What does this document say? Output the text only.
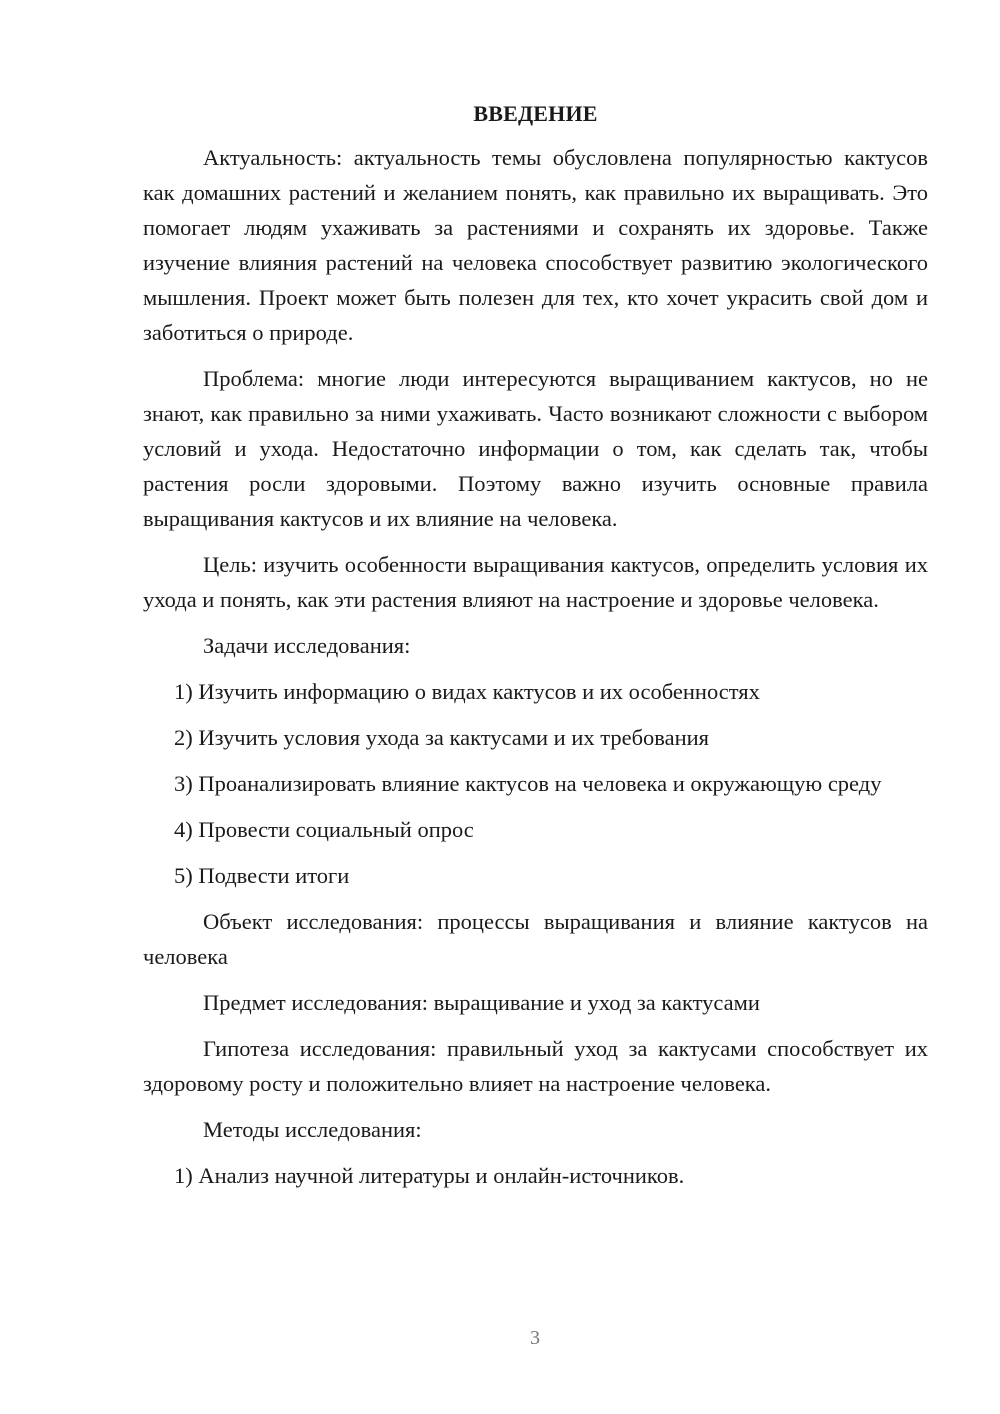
ВВЕДЕНИЕ

Актуальность: актуальность темы обусловлена популярностью кактусов как домашних растений и желанием понять, как правильно их выращивать. Это помогает людям ухаживать за растениями и сохранять их здоровье. Также изучение влияния растений на человека способствует развитию экологического мышления. Проект может быть полезен для тех, кто хочет украсить свой дом и заботиться о природе.

Проблема: многие люди интересуются выращиванием кактусов, но не знают, как правильно за ними ухаживать. Часто возникают сложности с выбором условий и ухода. Недостаточно информации о том, как сделать так, чтобы растения росли здоровыми. Поэтому важно изучить основные правила выращивания кактусов и их влияние на человека.

Цель: изучить особенности выращивания кактусов, определить условия их ухода и понять, как эти растения влияют на настроение и здоровье человека.

Задачи исследования:

1) Изучить информацию о видах кактусов и их особенностях

2) Изучить условия ухода за кактусами и их требования

3) Проанализировать влияние кактусов на человека и окружающую среду

4) Провести социальный опрос

5) Подвести итоги

Объект исследования: процессы выращивания и влияние кактусов на человека

Предмет исследования: выращивание и уход за кактусами

Гипотеза исследования: правильный уход за кактусами способствует их здоровому росту и положительно влияет на настроение человека.

Методы исследования:

1) Анализ научной литературы и онлайн-источников.

3
